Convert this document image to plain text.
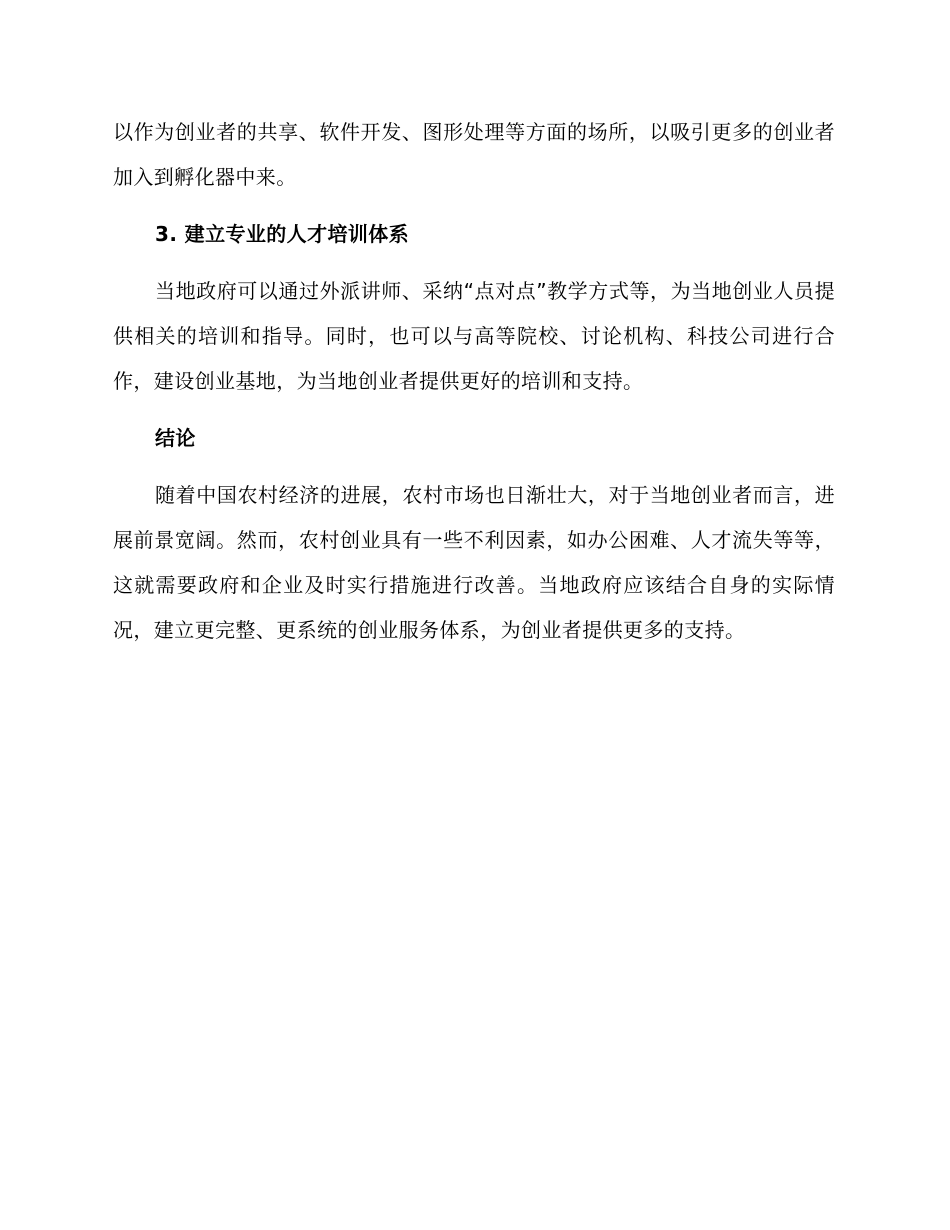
以作为创业者的共享、软件开发、图形处理等方面的场所，以吸引更多的创业者加入到孵化器中来。

3. 建立专业的人才培训体系

当地政府可以通过外派讲师、采纳“点对点”教学方式等，为当地创业人员提供相关的培训和指导。同时，也可以与高等院校、讨论机构、科技公司进行合作，建设创业基地，为当地创业者提供更好的培训和支持。

结论

随着中国农村经济的进展，农村市场也日渐壮大，对于当地创业者而言，进展前景宽阔。然而，农村创业具有一些不利因素，如办公困难、人才流失等等，这就需要政府和企业及时实行措施进行改善。当地政府应该结合自身的实际情况，建立更完整、更系统的创业服务体系，为创业者提供更多的支持。
